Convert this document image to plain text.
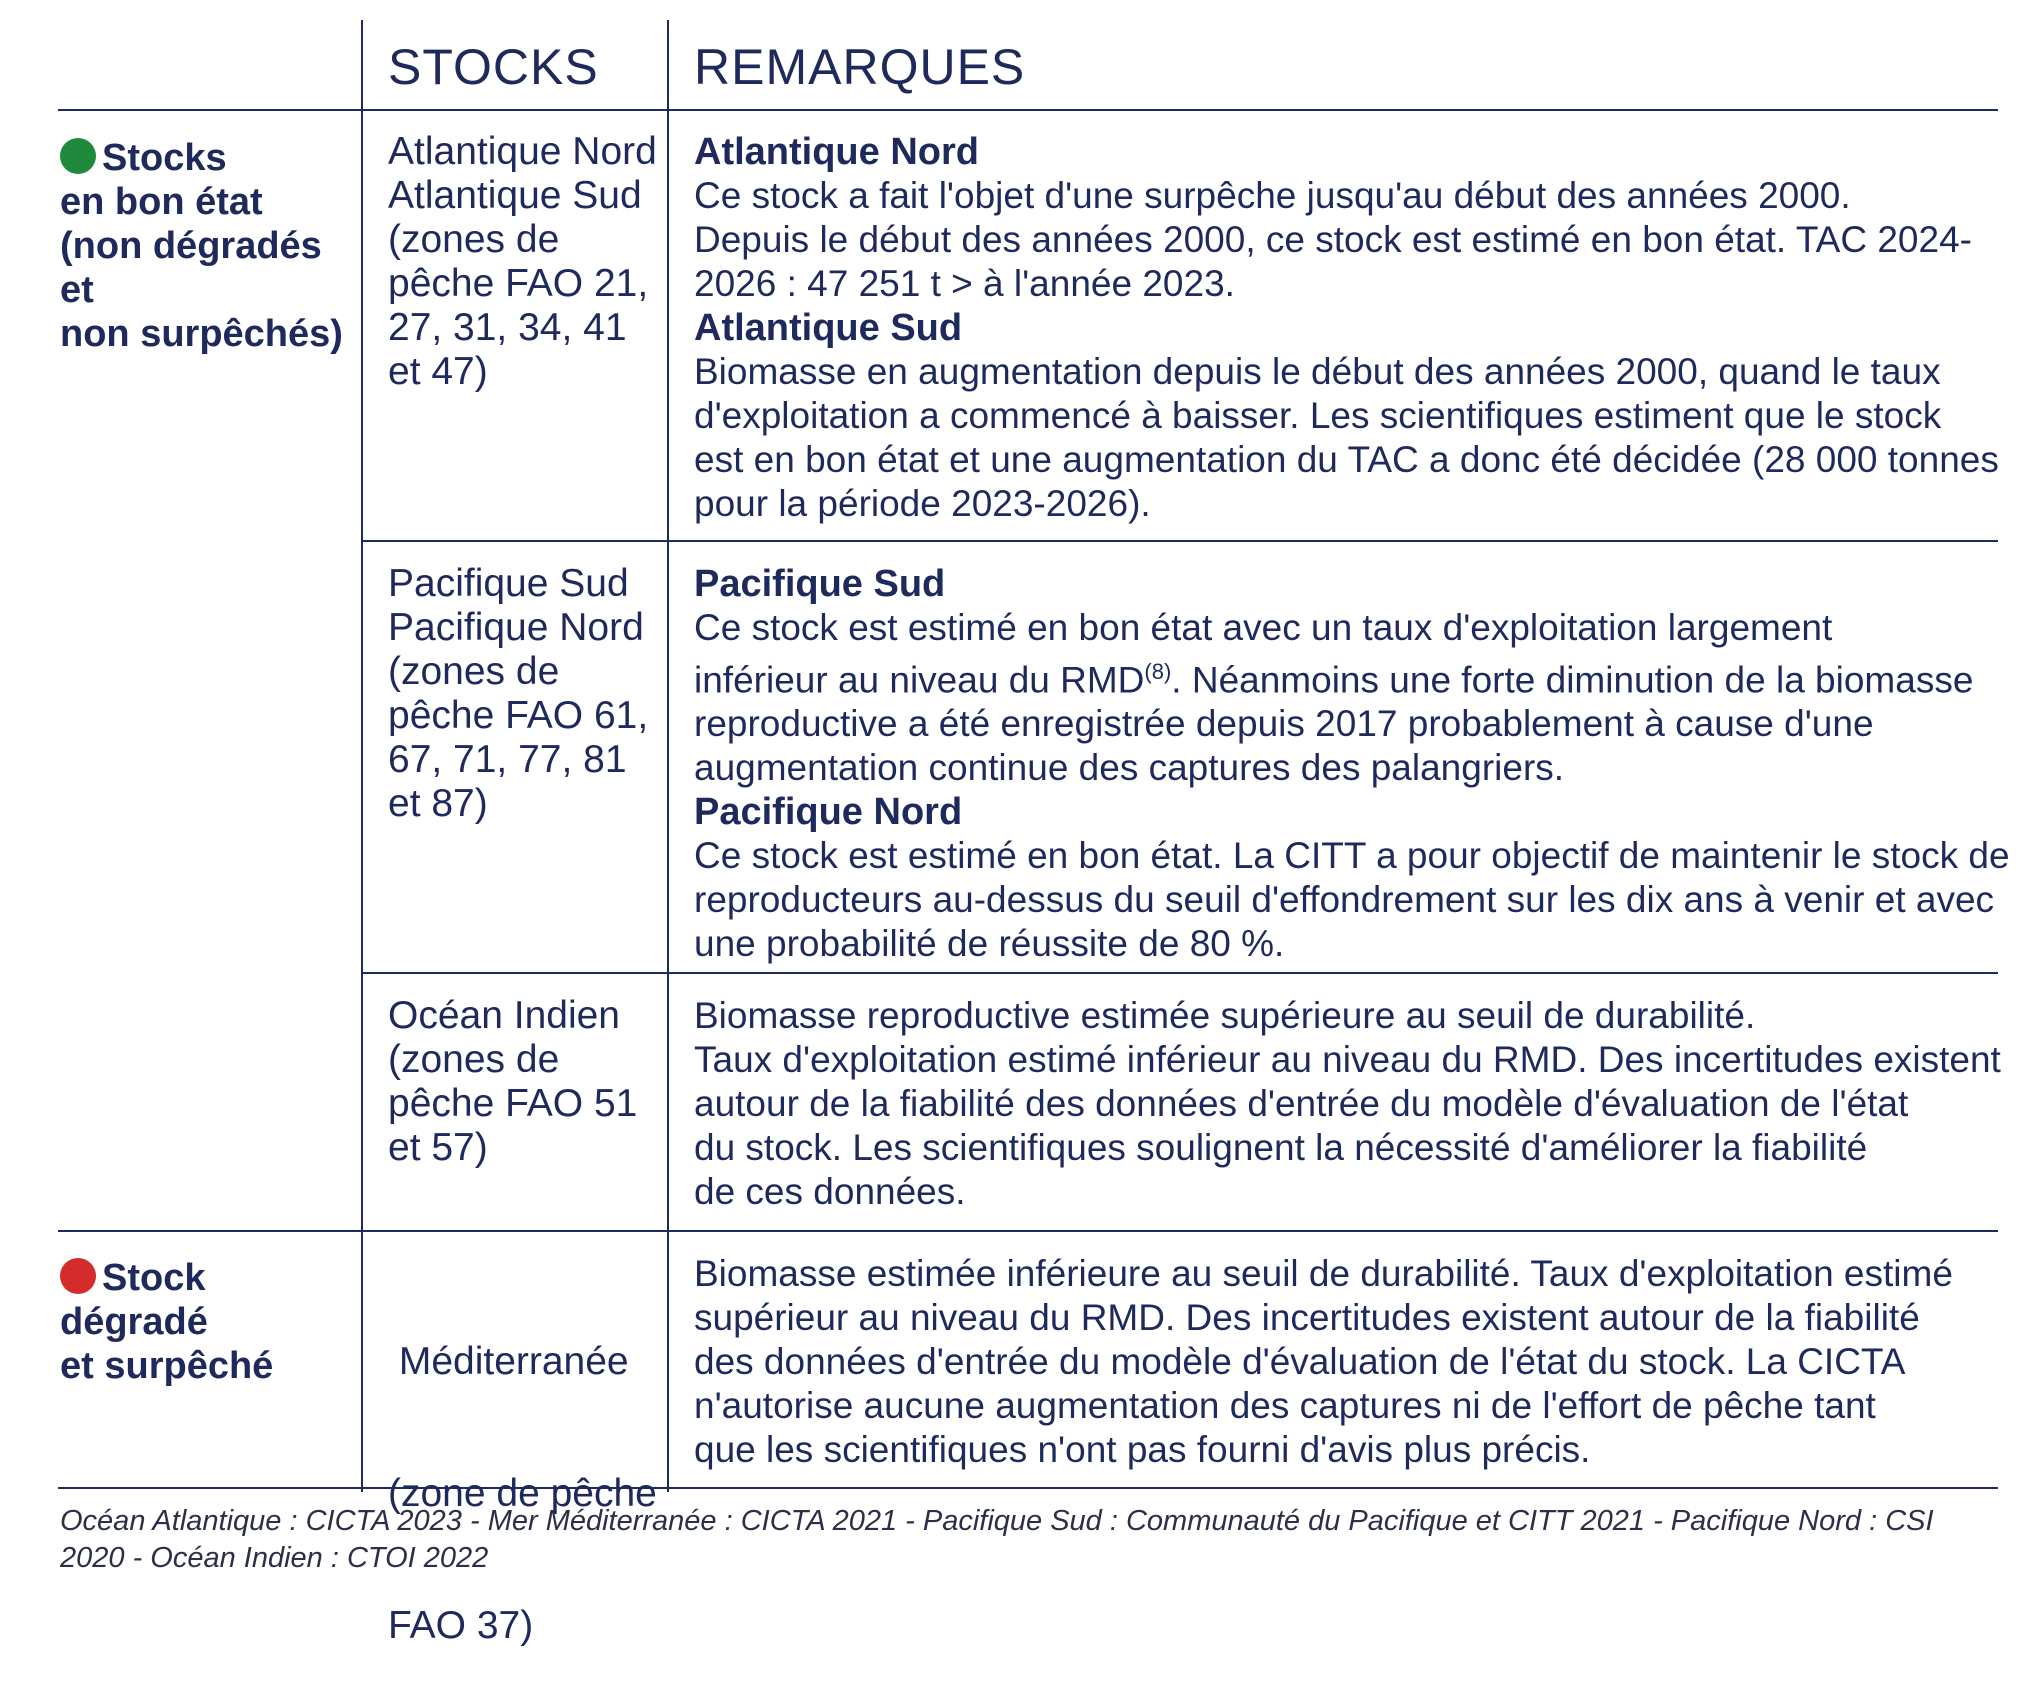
STOCKS REMARQUES
Stocks
en bon état
(non dégradés et
non surpêchés)
Stock dégradé
et surpêché
Atlantique Nord
Atlantique Sud
(zones de
pêche FAO 21,
27, 31, 34, 41
et 47)
Atlantique Nord
Ce stock a fait l'objet d'une surpêche jusqu'au début des années 2000.
Depuis le début des années 2000, ce stock est estimé en bon état. TAC 2024-
2026 : 47 251 t > à l'année 2023.
Atlantique Sud
Biomasse en augmentation depuis le début des années 2000, quand le taux
d'exploitation a commencé à baisser. Les scientifiques estiment que le stock
est en bon état et une augmentation du TAC a donc été décidée (28 000 tonnes
pour la période 2023-2026).
Pacifique Sud
Pacifique Nord
(zones de
pêche FAO 61,
67, 71, 77, 81
et 87)
Pacifique Sud
Ce stock est estimé en bon état avec un taux d'exploitation largement
inférieur au niveau du RMD$^{(8)}$. Néanmoins une forte diminution de la biomasse
reproductive a été enregistrée depuis 2017 probablement à cause d'une
augmentation continue des captures des palangriers.
Pacifique Nord
Ce stock est estimé en bon état. La CITT a pour objectif de maintenir le stock de
reproducteurs au-dessus du seuil d'effondrement sur les dix ans à venir et avec
une probabilité de réussite de 80 %.
Océan Indien
(zones de
pêche FAO 51
et 57)
Biomasse reproductive estimée supérieure au seuil de durabilité.
Taux d'exploitation estimé inférieur au niveau du RMD. Des incertitudes existent
autour de la fiabilité des données d'entrée du modèle d'évaluation de l'état
du stock. Les scientifiques soulignent la nécessité d'améliorer la fiabilité
de ces données.

Méditerranée

(zone de pêche

FAO 37)

Biomasse estimée inférieure au seuil de durabilité. Taux d'exploitation estimé
supérieur au niveau du RMD. Des incertitudes existent autour de la fiabilité
des données d'entrée du modèle d'évaluation de l'état du stock. La CICTA
n'autorise aucune augmentation des captures ni de l'effort de pêche tant
que les scientifiques n'ont pas fourni d'avis plus précis.
Océan Atlantique : CICTA 2023 - Mer Méditerranée : CICTA 2021 - Pacifique Sud : Communauté du Pacifique et CITT 2021 - Pacifique Nord : CSI
2020 - Océan Indien : CTOI 2022
